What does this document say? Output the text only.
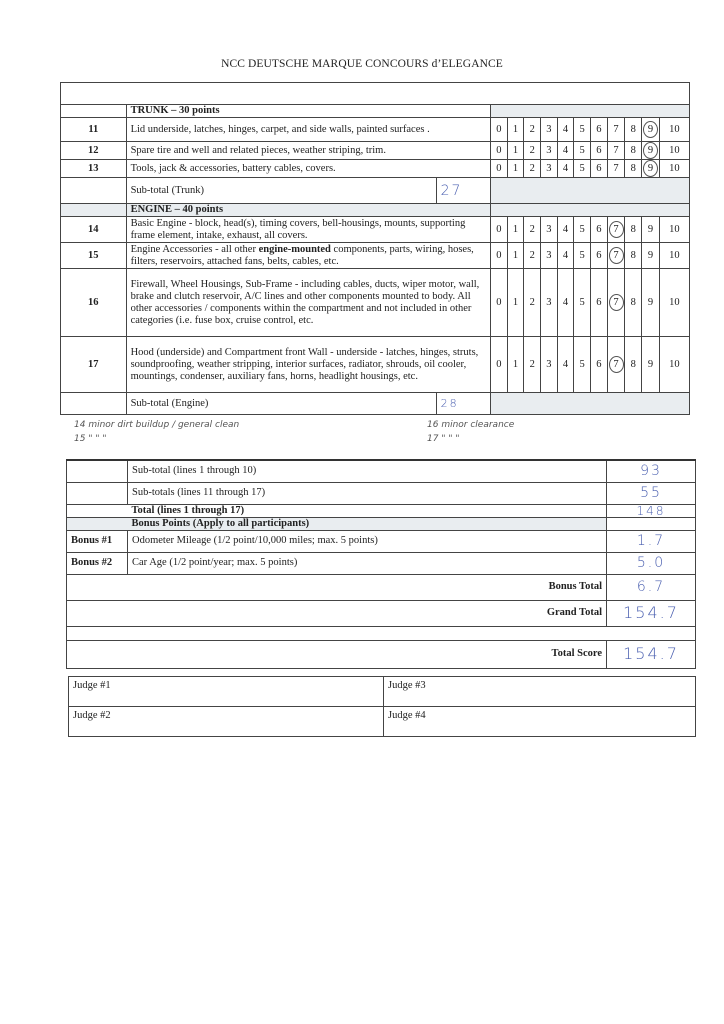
NCC DEUTSCHE MARQUE CONCOURS d’ELEGANCE

	TRUNK – 30 points												
11	Lid underside, latches, hinges, carpet, and side walls, painted surfaces .		0	1	2	3	4	5	6	7	8	9	10
12	Spare tire and well and related pieces, weather striping, trim.		0	1	2	3	4	5	6	7	8	9	10
13	Tools, jack & accessories, battery cables, covers.		0	1	2	3	4	5	6	7	8	9	10
	Sub-total (Trunk)	27											
	ENGINE – 40 points												
14	Basic Engine - block, head(s), timing covers, bell-housings, mounts, supporting frame element, intake, exhaust, all covers.		0	1	2	3	4	5	6	7	8	9	10
15	Engine Accessories - all other engine-mounted components, parts, wiring, hoses, filters, reservoirs, attached fans, belts, cables, etc.		0	1	2	3	4	5	6	7	8	9	10
16	Firewall, Wheel Housings, Sub-Frame - including cables, ducts, wiper motor, wall, brake and clutch reservoir, A/C lines and other components mounted to body. All other accessories / components within the compartment and not included in other categories (i.e. fuse box, cruise control, etc.		0	1	2	3	4	5	6	7	8	9	10
17	Hood (underside) and Compartment front Wall - underside - latches, hinges, struts, soundproofing, weather stripping, interior surfaces, radiator, shrouds, oil cooler, mountings, condenser, auxiliary fans, horns, headlight housings, etc.		0	1	2	3	4	5	6	7	8	9	10
	Sub-total (Engine)	28											
14 minor dirt buildup / general clean
15 " " "
16 minor clearance
17 " " "
	Sub-total (lines 1 through 10)	93
	Sub-totals (lines 11 through 17)	55
	Total (lines 1 through 17)	148
	Bonus Points (Apply to all participants)	
Bonus #1	Odometer Mileage (1/2 point/10,000 miles; max. 5 points)	1.7
Bonus #2	Car Age (1/2 point/year; max. 5 points)	5.0
Bonus Total		6.7
Grand Total		154.7

Total Score		154.7
Judge #1	Judge #3
Judge #2	Judge #4
